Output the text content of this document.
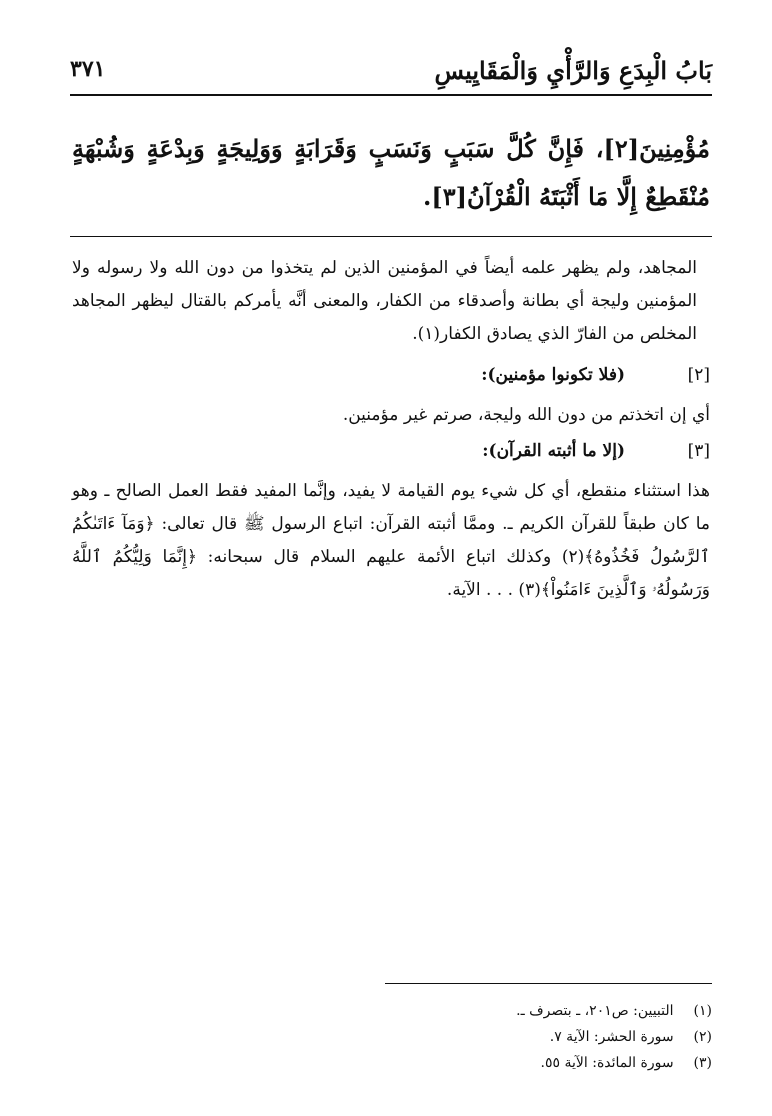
بَابُ الْبِدَعِ وَالرَّأْيِ وَالْمَقَايِيسِ
٣٧١
مُؤْمِنِينَ[٢]، فَإِنَّ كُلَّ سَبَبٍ وَنَسَبٍ وَقَرَابَةٍ وَوَلِيجَةٍ وَبِدْعَةٍ وَشُبْهَةٍ مُنْقَطِعٌ إِلَّا مَا أَثْبَتَهُ الْقُرْآنُ[٣].
المجاهد، ولم يظهر علمه أيضاً في المؤمنين الذين لم يتخذوا من دون الله ولا رسوله ولا المؤمنين وليجة أي بطانة وأصدقاء من الكفار، والمعنى أنَّه يأمركم بالقتال ليظهر المجاهد المخلص من الفارّ الذي يصادق الكفار(١).
[٢]
(فلا تكونوا مؤمنين):
أي إن اتخذتم من دون الله وليجة، صرتم غير مؤمنين.
[٣]
(إلا ما أثبته القرآن):
هذا استثناء منقطع، أي كل شيء يوم القيامة لا يفيد، وإنَّما المفيد فقط العمل الصالح ـ وهو ما كان طبقاً للقرآن الكريم ـ. وممَّا أثبته القرآن: اتباع الرسول ﷺ قال تعالى: ﴿وَمَآ ءَاتَىٰكُمُ ٱلرَّسُولُ فَخُذُوهُ﴾(٢) وكذلك اتباع الأئمة عليهم السلام قال سبحانه: ﴿إِنَّمَا وَلِيُّكُمُ ٱللَّهُ وَرَسُولُهُۥ وَٱلَّذِينَ ءَامَنُواْ﴾(٣) . . . الآية.
(١) التبيين: ص٢٠١، ـ بتصرف ـ.
(٢) سورة الحشر: الآية ٧.
(٣) سورة المائدة: الآية ٥٥.
